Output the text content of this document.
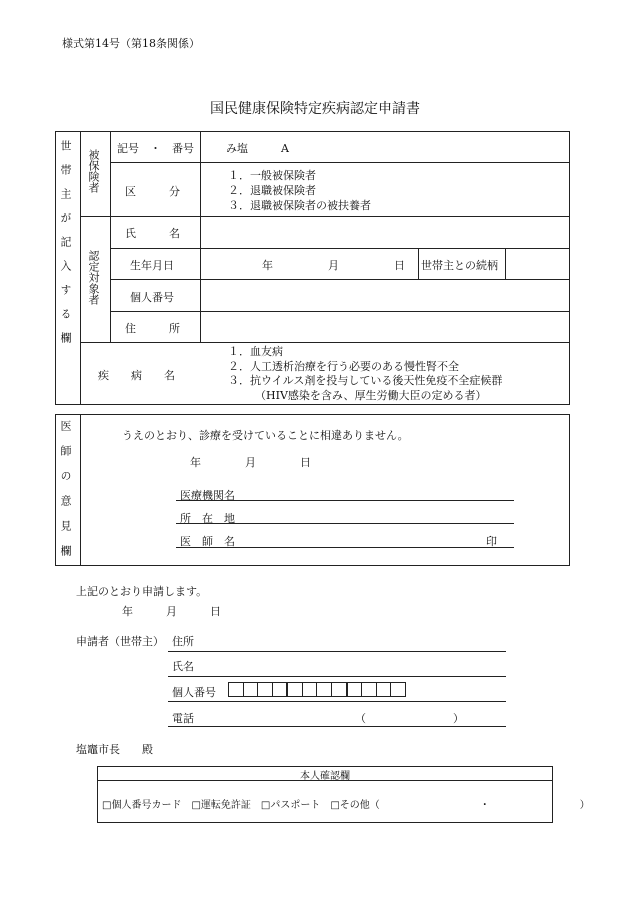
様式第14号（第18条関係）
国民健康保険特定疾病認定申請書
世帯主が記入する欄 被保険者
認定対象者
記号　・　番号	み塩　　　A
区　　　分
１．一般被保険者
２．退職被保険者
３．退職被保険者の被扶養者
氏　　　名
生年月日	年　　　　　月　　　　　日 世帯主との続柄
個人番号
住　　　所
疾　　病　　名
１．血友病
２．人工透析治療を行う必要のある慢性腎不全
３．抗ウイルス剤を投与している後天性免疫不全症候群
（HIV感染を含み、厚生労働大臣の定める者）
医師の意見欄	うえのとおり、診療を受けていることに相違ありません。
年　　　　月　　　　日
医療機関名
所　在　地
医　師　名	印
上記のとおり申請します。
年　　　月　　　日
申請者（世帯主） 住所
氏名
個人番号
電話	（	）
塩竈市長　　殿
本人確認欄
□個人番号カード　□運転免許証　□パスポート　□その他（　　　　　　　　　　・　　　　　　　　　）
